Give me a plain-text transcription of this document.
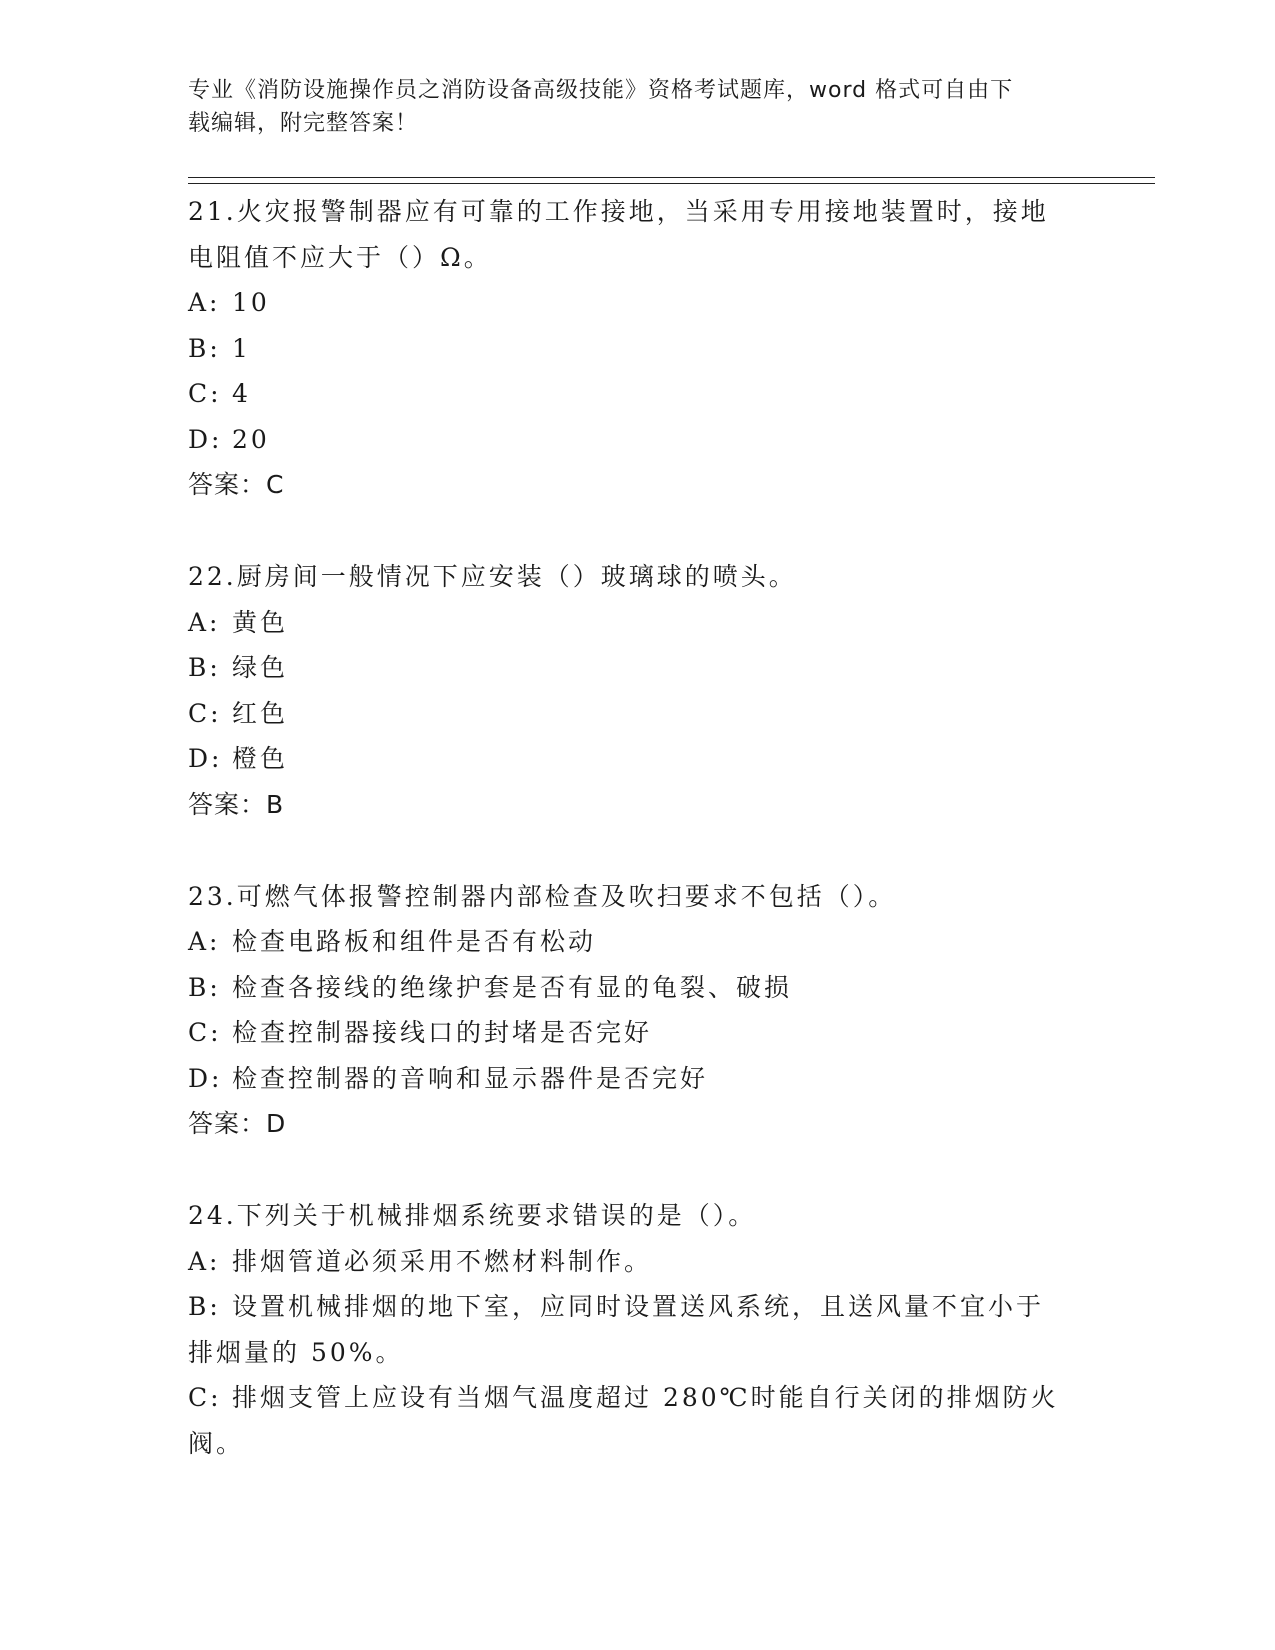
专业《消防设施操作员之消防设备高级技能》资格考试题库，word 格式可自由下
载编辑，附完整答案！
21.火灾报警制器应有可靠的工作接地，当采用专用接地装置时，接地
电阻值不应大于（）Ω。
A: 10
B: 1
C: 4
D: 20
答案：C
22.厨房间一般情况下应安装（）玻璃球的喷头。
A: 黄色
B: 绿色
C: 红色
D: 橙色
答案：B
23.可燃气体报警控制器内部检查及吹扫要求不包括（）。
A: 检查电路板和组件是否有松动
B: 检查各接线的绝缘护套是否有显的龟裂、破损
C: 检查控制器接线口的封堵是否完好
D: 检查控制器的音响和显示器件是否完好
答案：D
24.下列关于机械排烟系统要求错误的是（）。
A: 排烟管道必须采用不燃材料制作。
B: 设置机械排烟的地下室，应同时设置送风系统，且送风量不宜小于
排烟量的 50%。
C: 排烟支管上应设有当烟气温度超过 280℃时能自行关闭的排烟防火
阀。
